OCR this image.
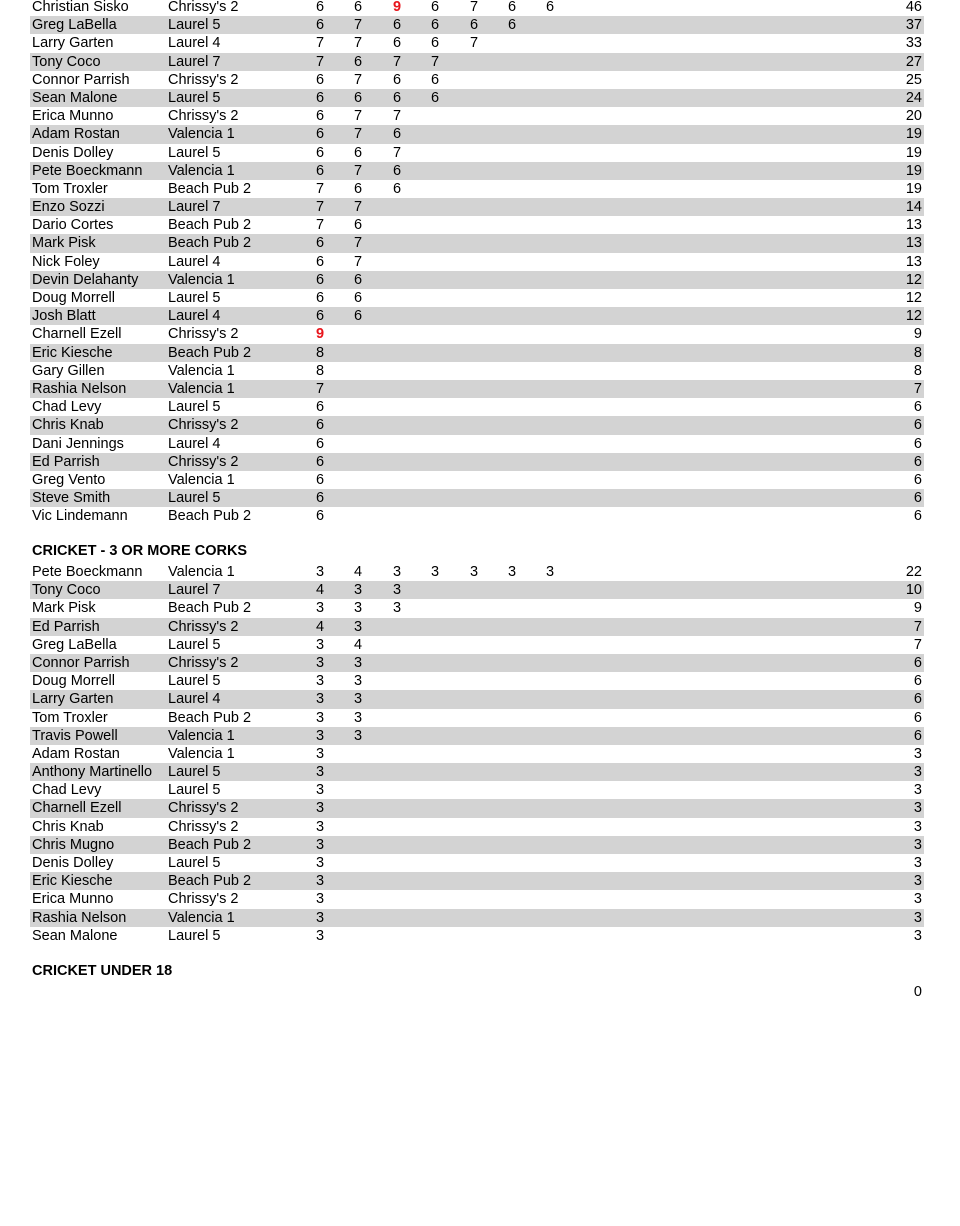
Christian Sisko	Chrissy's 2	6	6	9	6	7	6	6	46
Greg LaBella	Laurel 5	6	7	6	6	6	6	37
Larry Garten	Laurel 4	7	7	6	6	7	33
Tony Coco	Laurel 7	7	6	7	7	27
Connor Parrish	Chrissy's 2	6	7	6	6	25
Sean Malone	Laurel 5	6	6	6	6	24
Erica Munno	Chrissy's 2	6	7	7	20
Adam Rostan	Valencia 1	6	7	6	19
Denis Dolley	Laurel 5	6	6	7	19
Pete Boeckmann Valencia 1	6	7	6	19
Tom Troxler	Beach Pub 2	7	6	6	19
Enzo Sozzi	Laurel 7	7	7	14
Dario Cortes	Beach Pub 2	7	6	13
Mark Pisk	Beach Pub 2	6	7	13
Nick Foley	Laurel 4	6	7	13
Devin Delahanty Valencia 1	6	6	12
Doug Morrell	Laurel 5	6	6	12
Josh Blatt	Laurel 4	6	6	12
Charnell Ezell	Chrissy's 2	9	9
Eric Kiesche	Beach Pub 2	8	8
Gary Gillen	Valencia 1	8	8
Rashia Nelson	Valencia 1	7	7
Chad Levy	Laurel 5	6	6
Chris Knab	Chrissy's 2	6	6
Dani Jennings	Laurel 4	6	6
Ed Parrish	Chrissy's 2	6	6
Greg Vento	Valencia 1	6	6
Steve Smith	Laurel 5	6	6
Vic Lindemann	Beach Pub 2	6	6
CRICKET - 3 OR MORE CORKS
Pete Boeckmann Valencia 1	3	4	3	3	3	3	3	22
Tony Coco	Laurel 7	4	3	3	10
Mark Pisk	Beach Pub 2	3	3	3	9
Ed Parrish	Chrissy's 2	4	3	7
Greg LaBella	Laurel 5	3	4	7
Connor Parrish	Chrissy's 2	3	3	6
Doug Morrell	Laurel 5	3	3	6
Larry Garten	Laurel 4	3	3	6
Tom Troxler	Beach Pub 2	3	3	6
Travis Powell	Valencia 1	3	3	6
Adam Rostan	Valencia 1	3	3
Anthony Martinello Laurel 5	3	3
Chad Levy	Laurel 5	3	3
Charnell Ezell	Chrissy's 2	3	3
Chris Knab	Chrissy's 2	3	3
Chris Mugno	Beach Pub 2	3	3
Denis Dolley	Laurel 5	3	3
Eric Kiesche	Beach Pub 2	3	3
Erica Munno	Chrissy's 2	3	3
Rashia Nelson	Valencia 1	3	3
Sean Malone	Laurel 5	3	3
CRICKET UNDER 18
0
